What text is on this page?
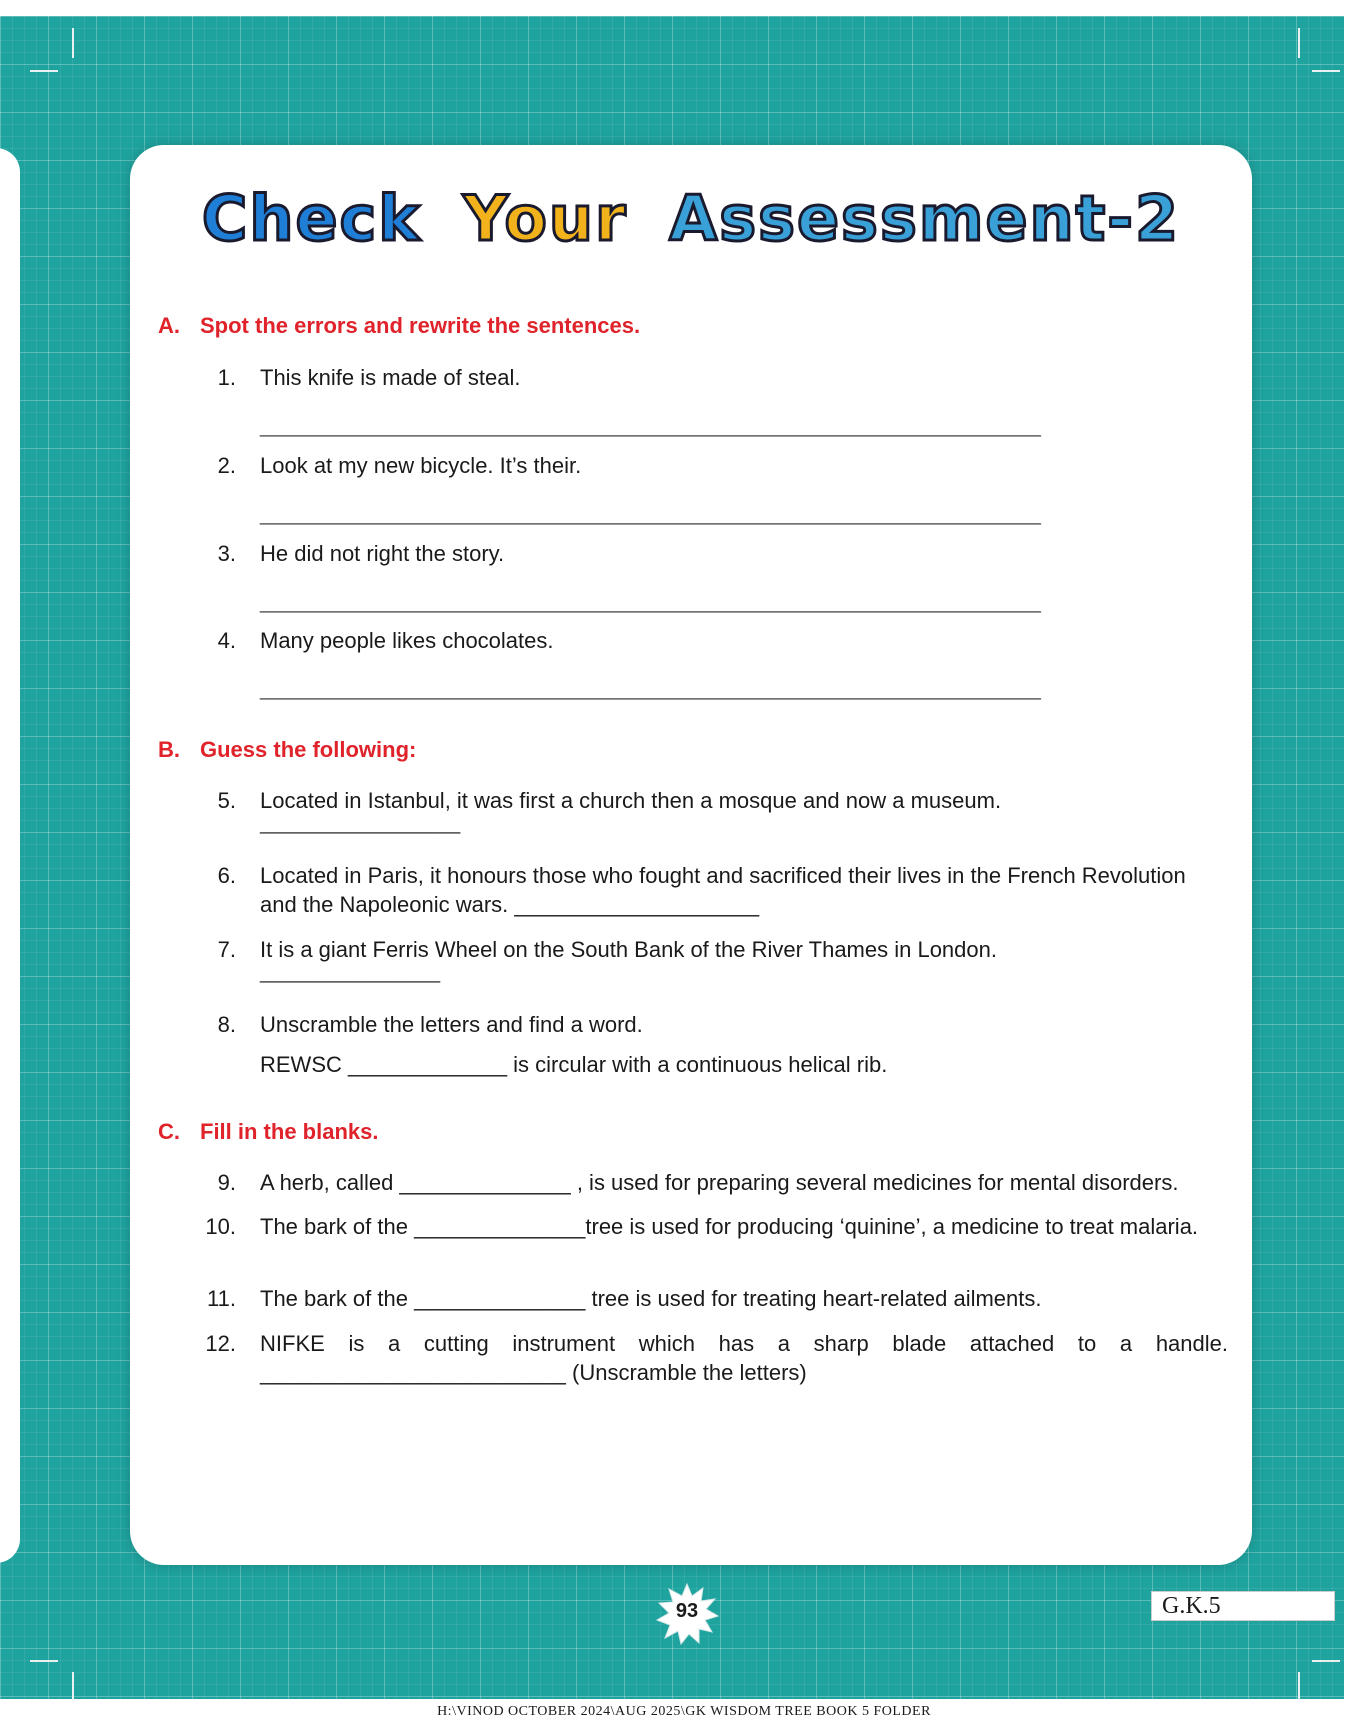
Check Your Assessment-2
A. Spot the errors and rewrite the sentences.
1. This knife is made of steal.
______________________________________________________________________________
2. Look at my new bicycle. It’s their.
______________________________________________________________________________
3. He did not right the story.
______________________________________________________________________________
4. Many people likes chocolates.
______________________________________________________________________________
B. Guess the following:
5. Located in Istanbul, it was first a church then a mosque and now a museum.
____________________
6. Located in Paris, it honours those who fought and sacrificed their lives in the French Revolution and the Napoleonic wars. ____________________
7. It is a giant Ferris Wheel on the South Bank of the River Thames in London.
__________________
8. Unscramble the letters and find a word.
REWSC _____________ is circular with a continuous helical rib.
C. Fill in the blanks.
9. A herb, called ______________ , is used for preparing several medicines for mental disorders.
10. The bark of the ______________tree is used for producing ‘quinine’, a medicine to treat malaria.
11. The bark of the ______________ tree is used for treating heart-related ailments.
12. NIFKE is a cutting instrument which has a sharp blade attached to a handle. _________________________ (Unscramble the letters)
93	G.K.5
H:\VINOD OCTOBER 2024\AUG 2025\GK WISDOM TREE BOOK 5 FOLDER
